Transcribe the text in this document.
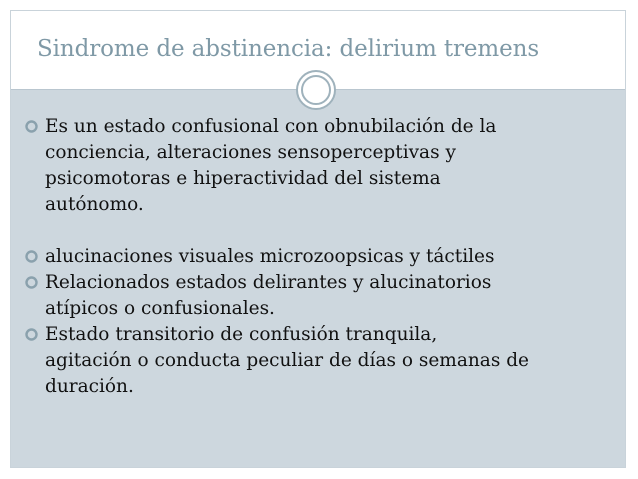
Sindrome de abstinencia: delirium tremens
Es un estado confusional con obnubilación de la
conciencia, alteraciones sensoperceptivas y
psicomotoras e hiperactividad del sistema
autónomo.
alucinaciones visuales microzoopsicas y táctiles
Relacionados estados delirantes y alucinatorios
atípicos o confusionales.
Estado transitorio de confusión tranquila,
agitación o conducta peculiar de días o semanas de
duración.
